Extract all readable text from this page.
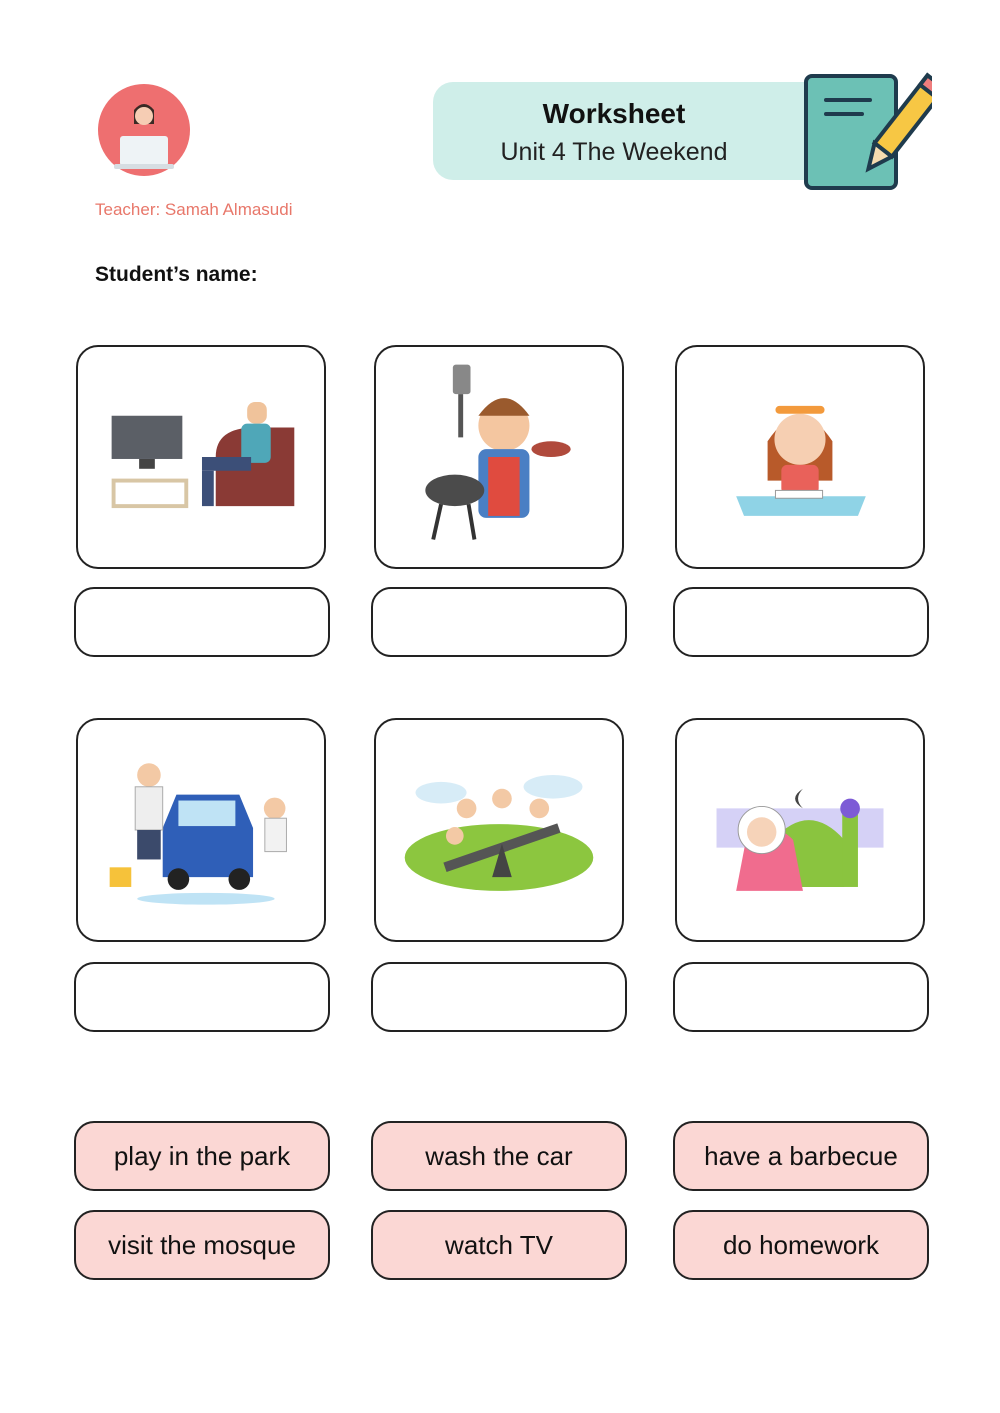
Teacher: Samah Almasudi
Worksheet
Unit 4 The Weekend
Student’s name:
play in the park	wash the car	have a barbecue
visit the mosque	watch TV	do homework
